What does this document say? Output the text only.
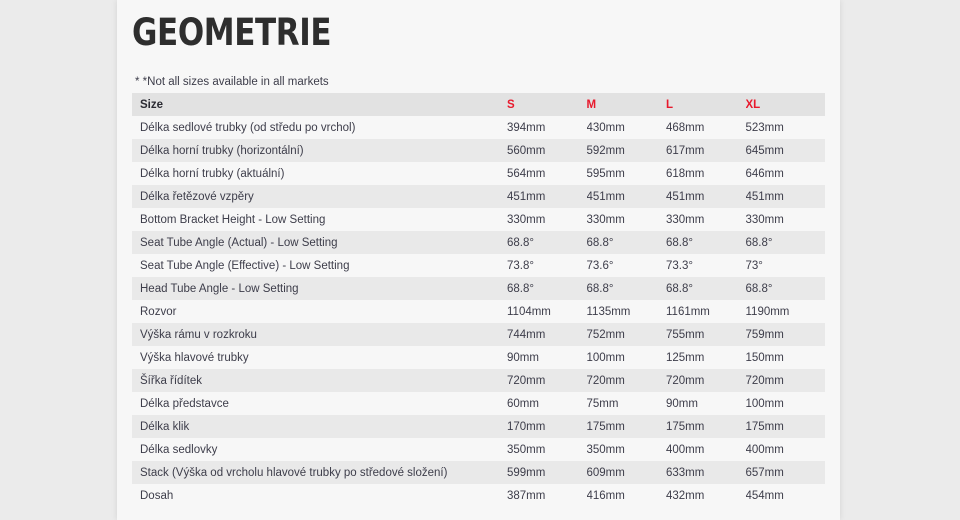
GEOMETRIE

* *Not all sizes available in all markets

Size	S	M	L	XL
Délka sedlové trubky (od středu po vrchol)	394mm	430mm	468mm	523mm
Délka horní trubky (horizontální)	560mm	592mm	617mm	645mm
Délka horní trubky (aktuální)	564mm	595mm	618mm	646mm
Délka řetězové vzpěry	451mm	451mm	451mm	451mm
Bottom Bracket Height - Low Setting	330mm	330mm	330mm	330mm
Seat Tube Angle (Actual) - Low Setting	68.8°	68.8°	68.8°	68.8°
Seat Tube Angle (Effective) - Low Setting	73.8°	73.6°	73.3°	73°
Head Tube Angle - Low Setting	68.8°	68.8°	68.8°	68.8°
Rozvor	1104mm	1135mm	1161mm	1190mm
Výška rámu v rozkroku	744mm	752mm	755mm	759mm
Výška hlavové trubky	90mm	100mm	125mm	150mm
Šířka řídítek	720mm	720mm	720mm	720mm
Délka představce	60mm	75mm	90mm	100mm
Délka klik	170mm	175mm	175mm	175mm
Délka sedlovky	350mm	350mm	400mm	400mm
Stack (Výška od vrcholu hlavové trubky po středové složení)	599mm	609mm	633mm	657mm
Dosah	387mm	416mm	432mm	454mm
